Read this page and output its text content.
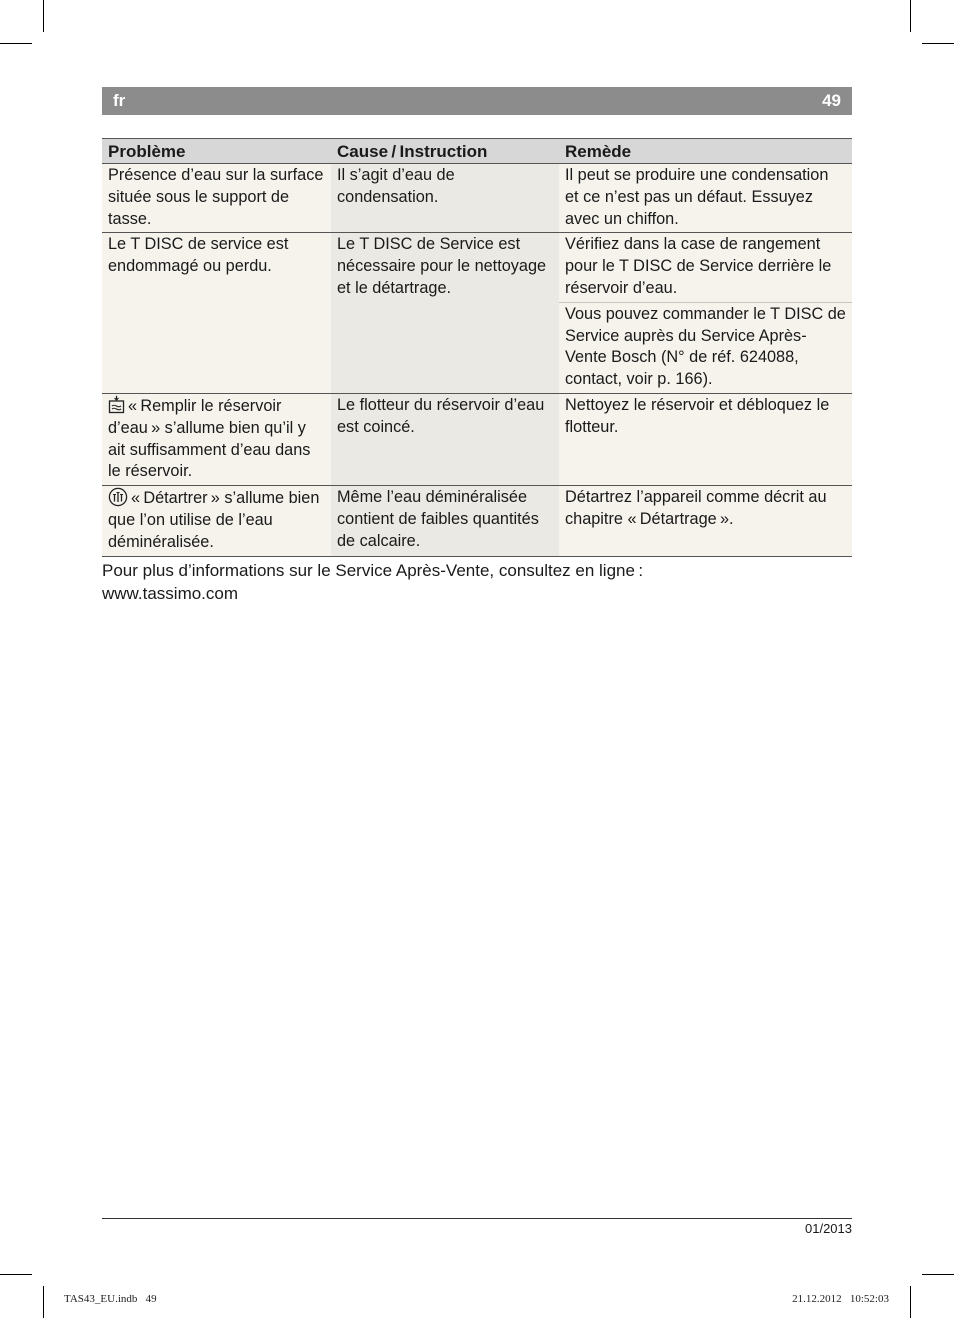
fr	49
Problème	Cause / Instruction	Remède
Présence d’eau sur la surface située sous le support de tasse.	Il s’agit d’eau de condensation.	Il peut se produire une condensation et ce n’est pas un défaut. Essuyez avec un chiffon.
Le T DISC de service est endommagé ou perdu.	Le T DISC de Service est nécessaire pour le nettoyage et le détartrage.	Vérifiez dans la case de rangement pour le T DISC de Service derrière le réservoir d’eau.
		Vous pouvez commander le T DISC de Service auprès du Service Après-Vente Bosch (N° de réf. 624088, contact, voir p. 166).
« Remplir le réservoir d’eau » s’allume bien qu’il y ait suffisamment d’eau dans le réservoir.	Le flotteur du réservoir d’eau est coincé.	Nettoyez le réservoir et débloquez le flotteur.
« Détartrer » s’allume bien que l’on utilise de l’eau déminéralisée.	Même l’eau déminéralisée contient de faibles quantités de calcaire.	Détartrez l’appareil comme décrit au chapitre « Détartrage ».
Pour plus d’informations sur le Service Après-Vente, consultez en ligne :
www.tassimo.com
01/2013
TAS43_EU.indb   49	21.12.2012   10:52:03
